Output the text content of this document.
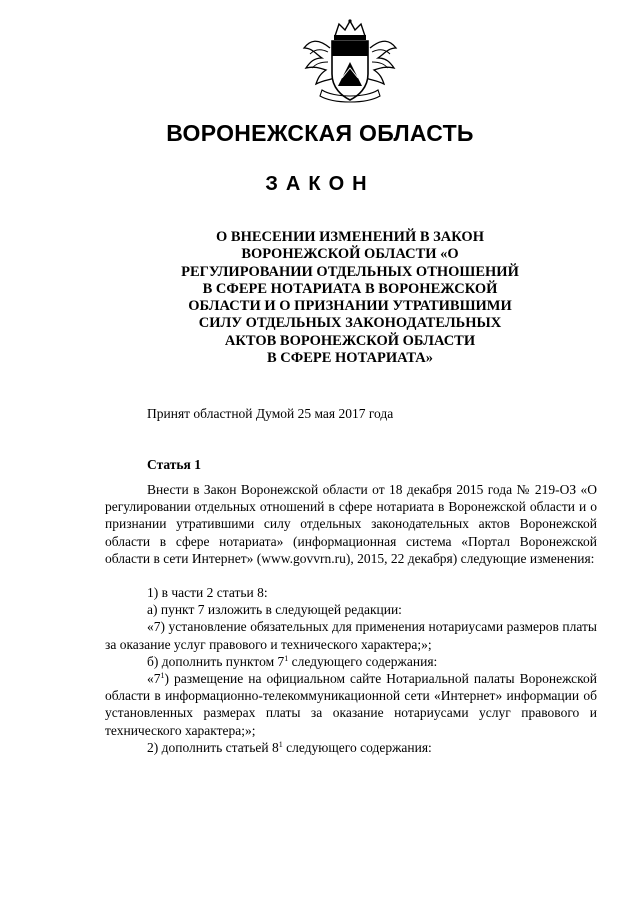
ВОРОНЕЖСКАЯ ОБЛАСТЬ
ЗАКОН
О ВНЕСЕНИИ ИЗМЕНЕНИЙ В ЗАКОН
ВОРОНЕЖСКОЙ ОБЛАСТИ «О
РЕГУЛИРОВАНИИ ОТДЕЛЬНЫХ ОТНОШЕНИЙ
В СФЕРЕ НОТАРИАТА В ВОРОНЕЖСКОЙ
ОБЛАСТИ И О ПРИЗНАНИИ УТРАТИВШИМИ
СИЛУ ОТДЕЛЬНЫХ ЗАКОНОДАТЕЛЬНЫХ
АКТОВ ВОРОНЕЖСКОЙ ОБЛАСТИ
В СФЕРЕ НОТАРИАТА»
Принят областной Думой 25 мая 2017 года
Статья 1

Внести в Закон Воронежской области от 18 декабря 2015 года № 219-ОЗ «О регулировании отдельных отношений в сфере нотариата в Воронежской области и о признании утратившими силу отдельных законодательных актов Воронежской области в сфере нотариата» (информационная система «Портал Воронежской области в сети Интернет» (www.govvrn.ru), 2015, 22 декабря) следующие изменения:

1) в части 2 статьи 8:

а) пункт 7 изложить в следующей редакции:

«7) установление обязательных для применения нотариусами размеров платы за оказание услуг правового и технического характера;»;

б) дополнить пунктом $7^1$ следующего содержания:

«$7^1$) размещение на официальном сайте Нотариальной палаты Воронежской области в информационно-телекоммуникационной сети «Интернет» информации об установленных размерах платы за оказание нотариусами услуг правового и технического характера;»;

2) дополнить статьей $8^1$ следующего содержания:
